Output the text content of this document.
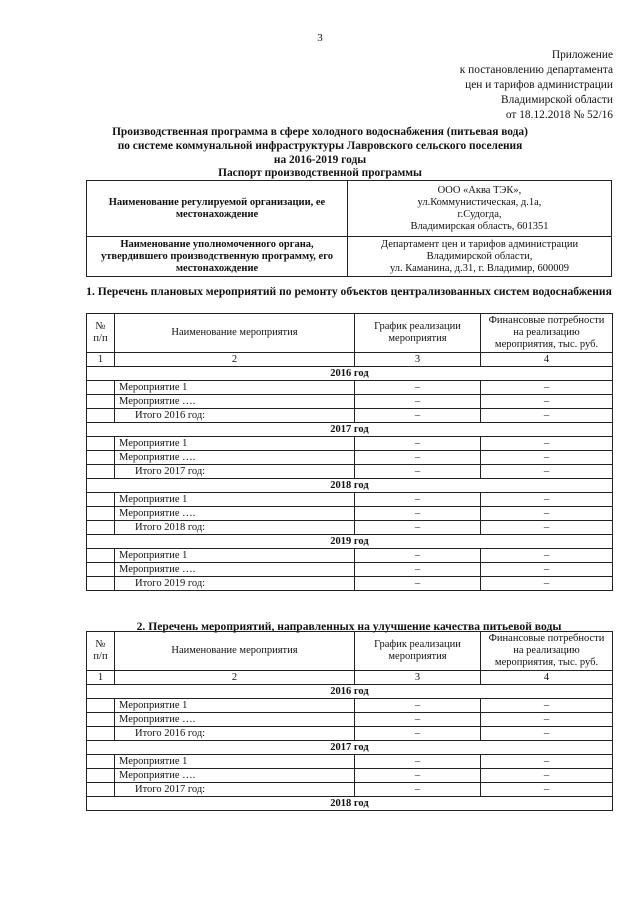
3
Приложение
к постановлению департамента
цен и тарифов администрации
Владимирской области
от 18.12.2018 № 52/16
Производственная программа в сфере холодного водоснабжения (питьевая вода)
по системе коммунальной инфраструктуры Лавровского сельского поселения
на 2016-2019 годы
Паспорт производственной программы
Наименование регулируемой организации, ее местонахождение	ООО «Аква ТЭК»,
ул.Коммунистическая, д.1а,
г.Судогда,
Владимирская область, 601351

Наименование уполномоченного органа, утвердившего производственную программу, его местонахождение	Департамент цен и тарифов администрации
Владимирской области,
ул. Каманина, д.31, г. Владимир, 600009
1. Перечень плановых мероприятий по ремонту объектов централизованных систем водоснабжения
№ п/п	Наименование мероприятия	График реализации мероприятия	Финансовые потребности на реализацию мероприятия, тыс. руб.
1	2	3	4
2016 год			
	Мероприятие 1	–	–
	Мероприятие ….	–	–
	Итого 2016 год:	–	–
2017 год			
	Мероприятие 1	–	–
	Мероприятие ….	–	–
	Итого 2017 год:	–	–
2018 год			
	Мероприятие 1	–	–
	Мероприятие ….	–	–
	Итого 2018 год:	–	–
2019 год			
	Мероприятие 1	–	–
	Мероприятие ….	–	–
	Итого 2019 год:	–	–
2. Перечень мероприятий, направленных на улучшение качества питьевой воды
№ п/п	Наименование мероприятия	График реализации мероприятия	Финансовые потребности на реализацию мероприятия, тыс. руб.
1	2	3	4
2016 год			
	Мероприятие 1	–	–
	Мероприятие ….	–	–
	Итого 2016 год:	–	–
2017 год			
	Мероприятие 1	–	–
	Мероприятие ….	–	–
	Итого 2017 год:	–	–
2018 год			
